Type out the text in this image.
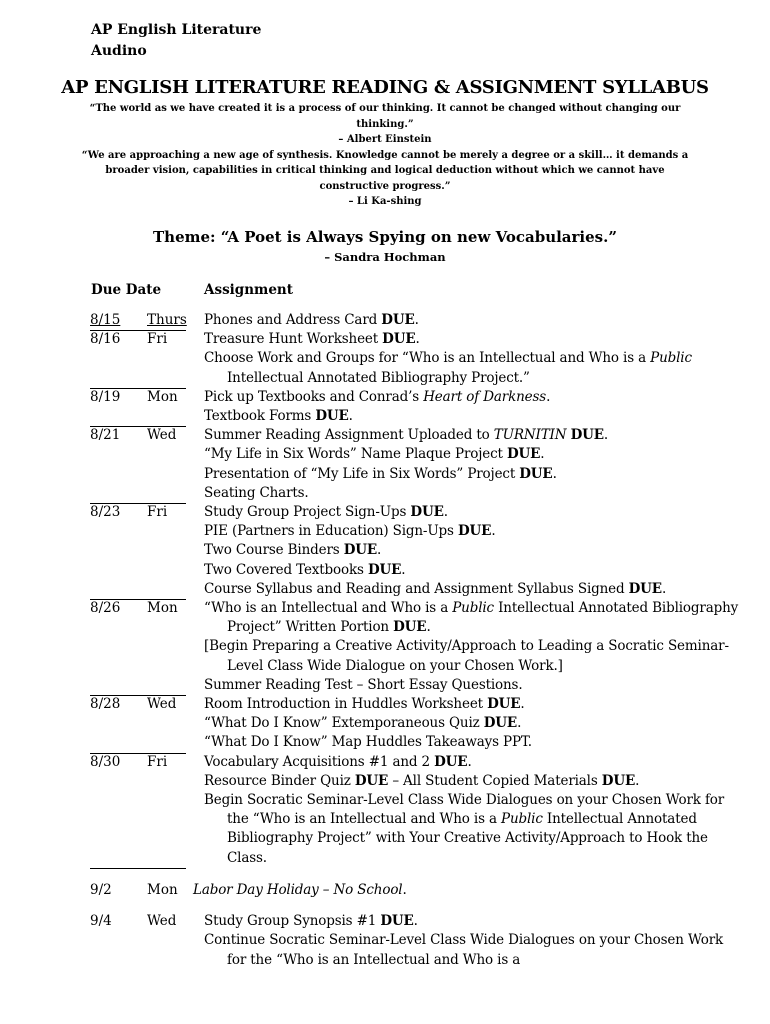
AP English Literature
Audino
AP ENGLISH LITERATURE READING & ASSIGNMENT SYLLABUS

“The world as we have created it is a process of our thinking. It cannot be changed without changing our thinking.”

– Albert Einstein

“We are approaching a new age of synthesis. Knowledge cannot be merely a degree or a skill… it demands a broader vision, capabilities in critical thinking and logical deduction without which we cannot have constructive progress.”

– Li Ka-shing

Theme: “A Poet is Always Spying on new Vocabularies.”
– Sandra Hochman
Due Date	Assignment
8/15 Thurs Phones and Address Card DUE.
8/16 Fri	Treasure Hunt Worksheet DUE.
Choose Work and Groups for “Who is an Intellectual and Who is a Public Intellectual Annotated Bibliography Project.”
8/19 Mon Pick up Textbooks and Conrad’s Heart of Darkness.
Textbook Forms DUE.
8/21 Wed Summer Reading Assignment Uploaded to TURNITIN DUE.
“My Life in Six Words” Name Plaque Project DUE.
Presentation of “My Life in Six Words” Project DUE.
Seating Charts.
8/23 Fri	Study Group Project Sign-Ups DUE.
PIE (Partners in Education) Sign-Ups DUE.
Two Course Binders DUE.
Two Covered Textbooks DUE.
Course Syllabus and Reading and Assignment Syllabus Signed DUE.
8/26 Mon “Who is an Intellectual and Who is a Public Intellectual Annotated Bibliography Project” Written Portion DUE.
[Begin Preparing a Creative Activity/Approach to Leading a Socratic Seminar-Level Class Wide Dialogue on your Chosen Work.]
Summer Reading Test – Short Essay Questions.
8/28 Wed Room Introduction in Huddles Worksheet DUE.
“What Do I Know” Extemporaneous Quiz DUE.
“What Do I Know” Map Huddles Takeaways PPT.
8/30 Fri	Vocabulary Acquisitions #1 and 2 DUE.
Resource Binder Quiz DUE – All Student Copied Materials DUE.
Begin Socratic Seminar-Level Class Wide Dialogues on your Chosen Work for the “Who is an Intellectual and Who is a Public Intellectual Annotated Bibliography Project” with Your Creative Activity/Approach to Hook the Class.
9/2	Mon Labor Day Holiday – No School.
9/4	Wed Study Group Synopsis #1 DUE.
Continue Socratic Seminar-Level Class Wide Dialogues on your Chosen Work for the “Who is an Intellectual and Who is a
